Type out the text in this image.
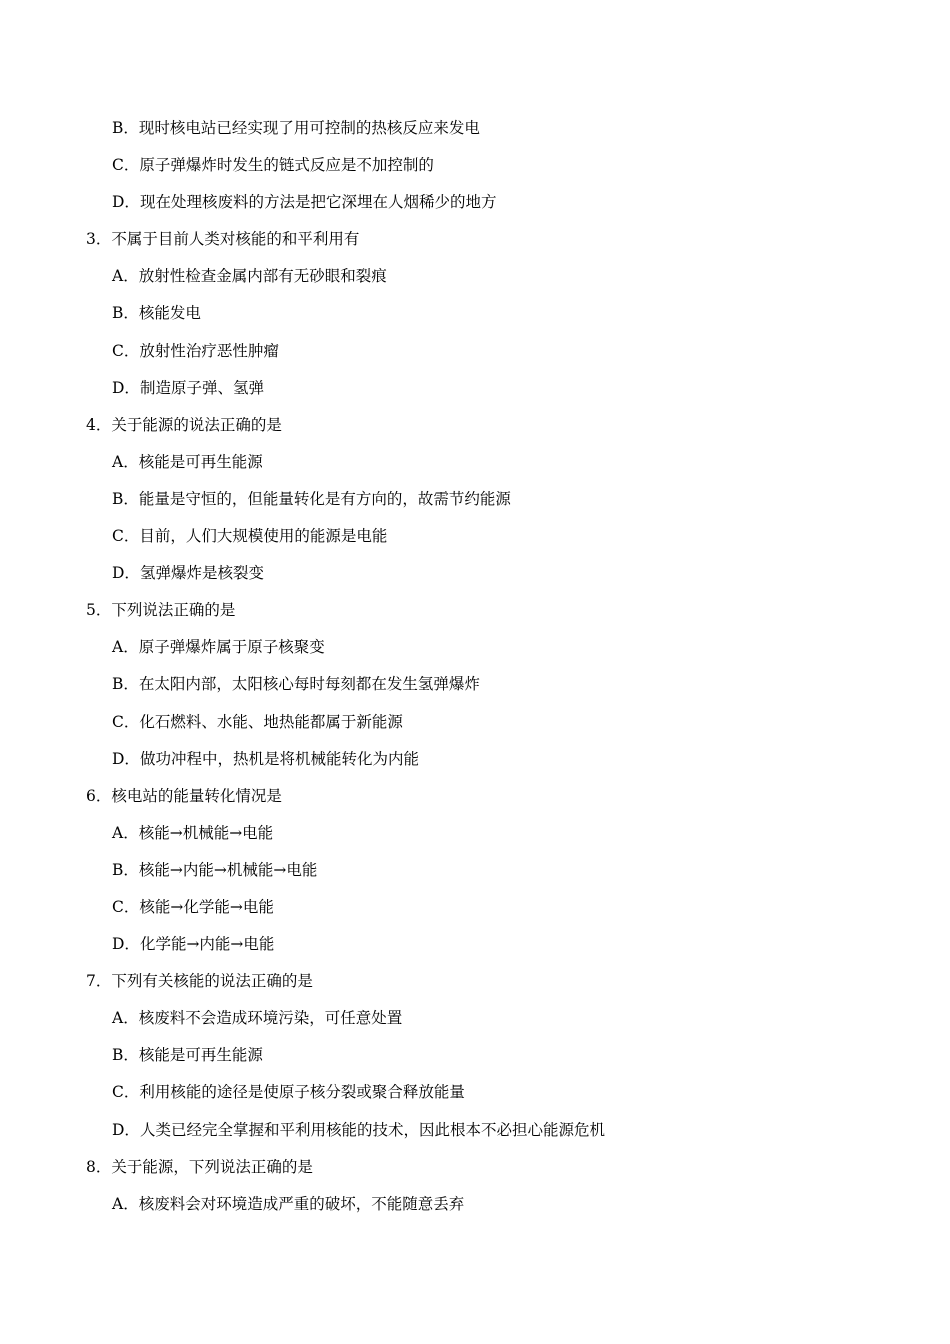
B．现时核电站已经实现了用可控制的热核反应来发电
C．原子弹爆炸时发生的链式反应是不加控制的
D．现在处理核废料的方法是把它深埋在人烟稀少的地方
3．不属于目前人类对核能的和平利用有
A．放射性检查金属内部有无砂眼和裂痕
B．核能发电
C．放射性治疗恶性肿瘤
D．制造原子弹、氢弹
4．关于能源的说法正确的是
A．核能是可再生能源
B．能量是守恒的，但能量转化是有方向的，故需节约能源
C．目前，人们大规模使用的能源是电能
D．氢弹爆炸是核裂变
5．下列说法正确的是
A．原子弹爆炸属于原子核聚变
B．在太阳内部，太阳核心每时每刻都在发生氢弹爆炸
C．化石燃料、水能、地热能都属于新能源
D．做功冲程中，热机是将机械能转化为内能
6．核电站的能量转化情况是
A．核能→机械能→电能
B．核能→内能→机械能→电能
C．核能→化学能→电能
D．化学能→内能→电能
7．下列有关核能的说法正确的是
A．核废料不会造成环境污染，可任意处置
B．核能是可再生能源
C．利用核能的途径是使原子核分裂或聚合释放能量
D．人类已经完全掌握和平利用核能的技术，因此根本不必担心能源危机
8．关于能源，下列说法正确的是
A．核废料会对环境造成严重的破坏，不能随意丢弃
